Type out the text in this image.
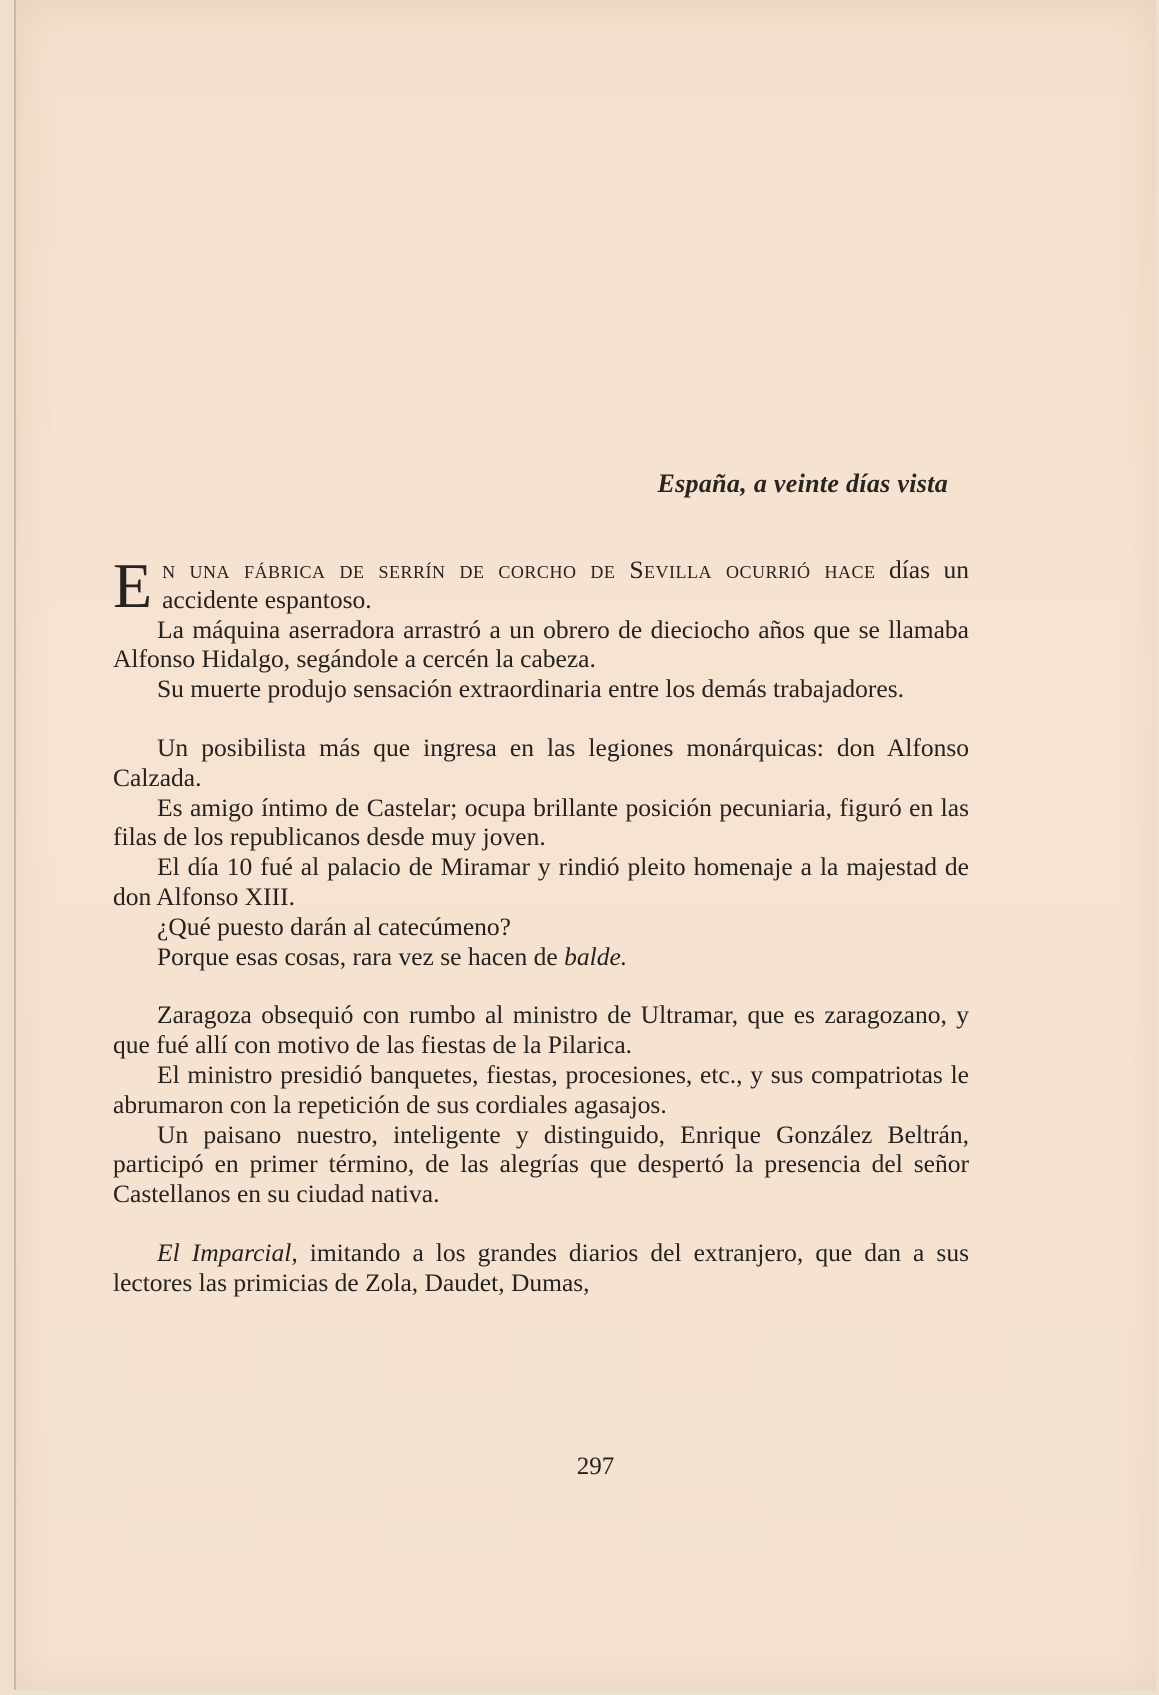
España, a veinte días vista

En una fábrica de serrín de corcho de Sevilla ocurrió hace días un accidente espantoso.

La máquina aserradora arrastró a un obrero de dieciocho años que se llamaba Alfonso Hidalgo, segándole a cercén la cabeza.

Su muerte produjo sensación extraordinaria entre los demás trabajadores.

Un posibilista más que ingresa en las legiones monárquicas: don Alfonso Calzada.

Es amigo íntimo de Castelar; ocupa brillante posición pecuniaria, figuró en las filas de los republicanos desde muy joven.

El día 10 fué al palacio de Miramar y rindió pleito homenaje a la majestad de don Alfonso XIII.

¿Qué puesto darán al catecúmeno?

Porque esas cosas, rara vez se hacen de balde.

Zaragoza obsequió con rumbo al ministro de Ultramar, que es zaragozano, y que fué allí con motivo de las fiestas de la Pilarica.

El ministro presidió banquetes, fiestas, procesiones, etc., y sus compatriotas le abrumaron con la repetición de sus cordiales agasajos.

Un paisano nuestro, inteligente y distinguido, Enrique González Beltrán, participó en primer término, de las alegrías que despertó la presencia del señor Castellanos en su ciudad nativa.

El Imparcial, imitando a los grandes diarios del extranjero, que dan a sus lectores las primicias de Zola, Daudet, Dumas,

297
